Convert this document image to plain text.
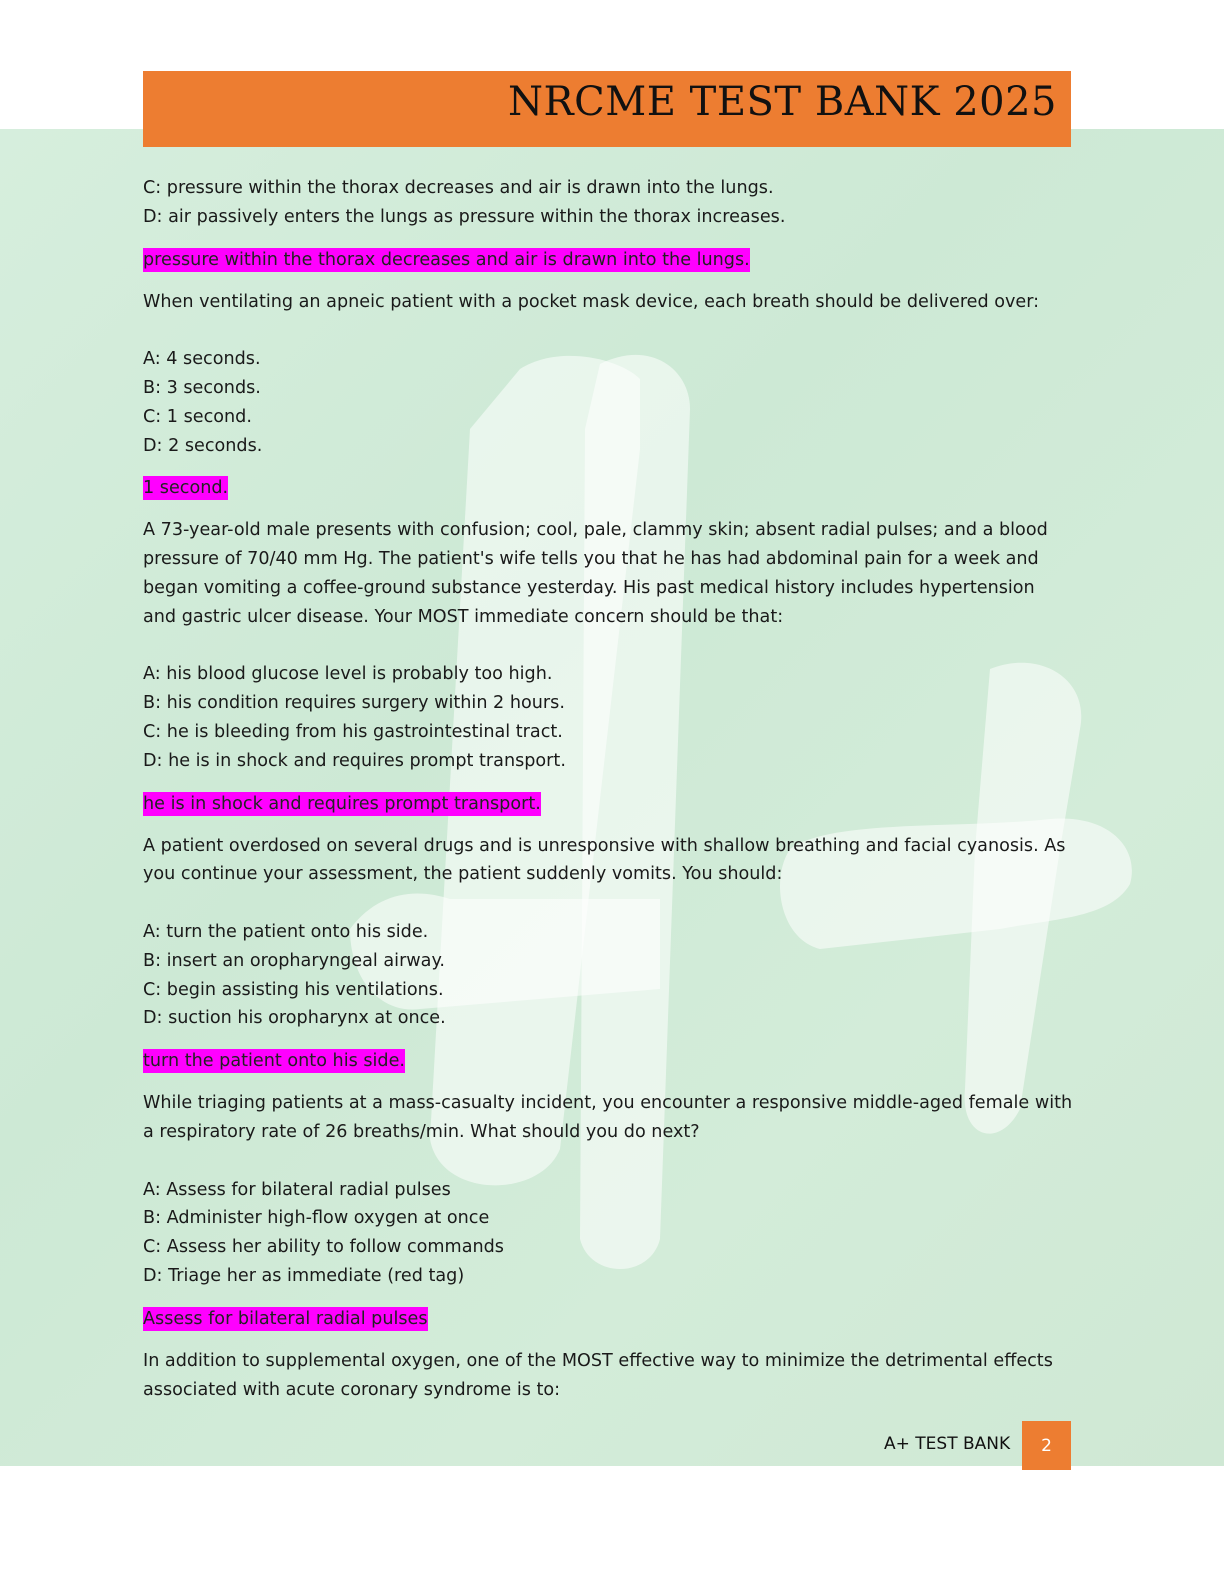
NRCME TEST BANK 2025
C: pressure within the thorax decreases and air is drawn into the lungs.
D: air passively enters the lungs as pressure within the thorax increases.
pressure within the thorax decreases and air is drawn into the lungs.
When ventilating an apneic patient with a pocket mask device, each breath should be delivered over:
A: 4 seconds.
B: 3 seconds.
C: 1 second.
D: 2 seconds.
1 second.
A 73-year-old male presents with confusion; cool, pale, clammy skin; absent radial pulses; and a blood pressure of 70/40 mm Hg. The patient's wife tells you that he has had abdominal pain for a week and began vomiting a coffee-ground substance yesterday. His past medical history includes hypertension and gastric ulcer disease. Your MOST immediate concern should be that:
A: his blood glucose level is probably too high.
B: his condition requires surgery within 2 hours.
C: he is bleeding from his gastrointestinal tract.
D: he is in shock and requires prompt transport.
he is in shock and requires prompt transport.
A patient overdosed on several drugs and is unresponsive with shallow breathing and facial cyanosis. As you continue your assessment, the patient suddenly vomits. You should:
A: turn the patient onto his side.
B: insert an oropharyngeal airway.
C: begin assisting his ventilations.
D: suction his oropharynx at once.
turn the patient onto his side.
While triaging patients at a mass-casualty incident, you encounter a responsive middle-aged female with a respiratory rate of 26 breaths/min. What should you do next?
A: Assess for bilateral radial pulses
B: Administer high-flow oxygen at once
C: Assess her ability to follow commands
D: Triage her as immediate (red tag)
Assess for bilateral radial pulses
In addition to supplemental oxygen, one of the MOST effective way to minimize the detrimental effects associated with acute coronary syndrome is to:
A+ TEST BANK	2
